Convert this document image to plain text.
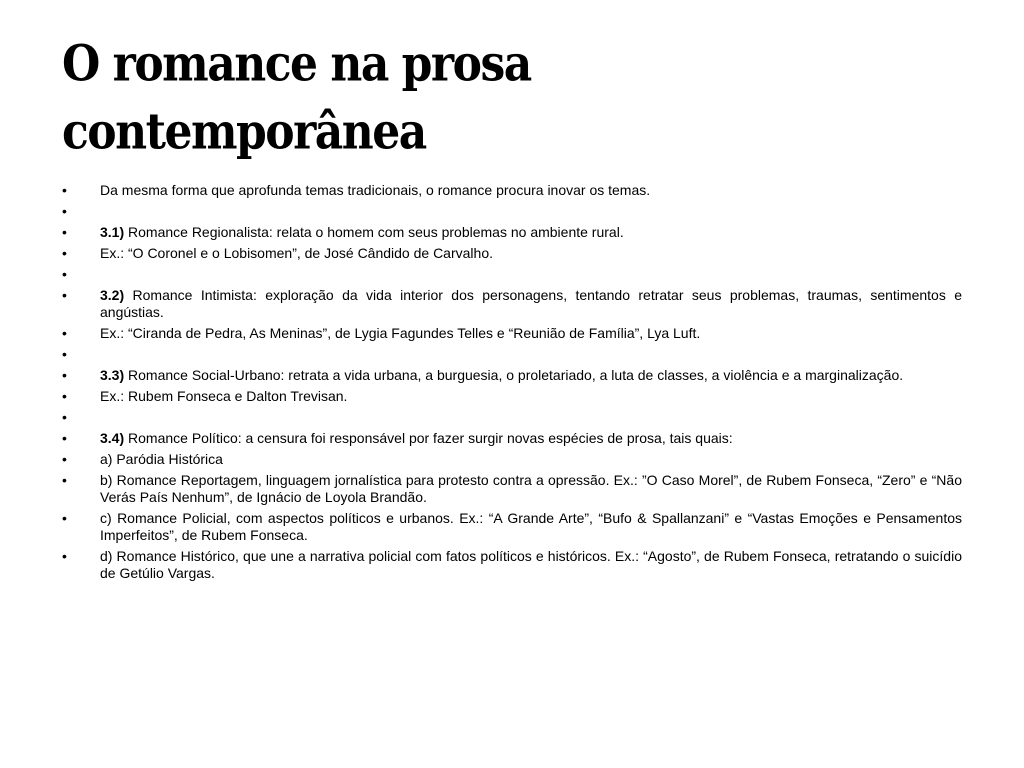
O romance na prosa
contemporânea
•	Da mesma forma que aprofunda temas tradicionais, o romance procura inovar os temas.
•
•	3.1) Romance Regionalista: relata o homem com seus problemas no ambiente rural.
•	Ex.: “O Coronel e o Lobisomen”, de José Cândido de Carvalho.
•
•	3.2) Romance Intimista: exploração da vida interior dos personagens, tentando retratar seus problemas, traumas, sentimentos e angústias.
•	Ex.: “Ciranda de Pedra, As Meninas”, de Lygia Fagundes Telles e “Reunião de Família”, Lya Luft.
•
•	3.3) Romance Social-Urbano: retrata a vida urbana, a burguesia, o proletariado, a luta de classes, a violência e a marginalização.
•	Ex.: Rubem Fonseca e Dalton Trevisan.
•
•	3.4) Romance Político: a censura foi responsável por fazer surgir novas espécies de prosa, tais quais:
•	a) Paródia Histórica
•	b) Romance Reportagem, linguagem jornalística para protesto contra a opressão. Ex.: ”O Caso Morel”, de Rubem Fonseca, “Zero” e “Não Verás País Nenhum”, de Ignácio de Loyola Brandão.
•	c) Romance Policial, com aspectos políticos e urbanos. Ex.: “A Grande Arte”, “Bufo & Spallanzani” e “Vastas Emoções e Pensamentos Imperfeitos”, de Rubem Fonseca.
•	d) Romance Histórico, que une a narrativa policial com fatos políticos e históricos. Ex.: “Agosto”, de Rubem Fonseca, retratando o suicídio de Getúlio Vargas.
